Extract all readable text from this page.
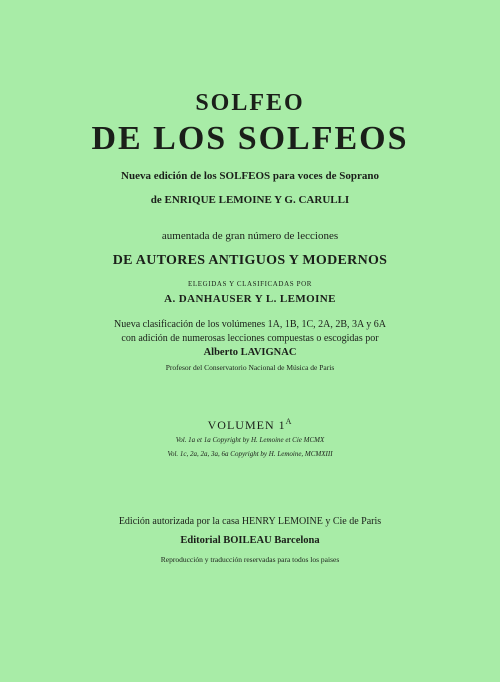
SOLFEO
DE LOS SOLFEOS
Nueva edición de los SOLFEOS para voces de Soprano
de ENRIQUE LEMOINE Y G. CARULLI
aumentada de gran número de lecciones
DE AUTORES ANTIGUOS Y MODERNOS
ELEGIDAS Y CLASIFICADAS POR
A. DANHAUSER Y L. LEMOINE
Nueva clasificación de los volúmenes 1A, 1B, 1C, 2A, 2B, 3A y 6A
con adición de numerosas lecciones compuestas o escogidas por
Alberto LAVIGNAC
Profesor del Conservatorio Nacional de Música de Paris
VOLUMEN $1^A$
Vol. 1a et 1a Copyright by H. Lemoine et Cie MCMX
Vol. 1c, 2a, 2a, 3a, 6a Copyright by H. Lemoine, MCMXIII
Edición autorizada por la casa HENRY LEMOINE y Cie de Paris
Editorial BOILEAU Barcelona
Reproducción y traducción reservadas para todos los paises
